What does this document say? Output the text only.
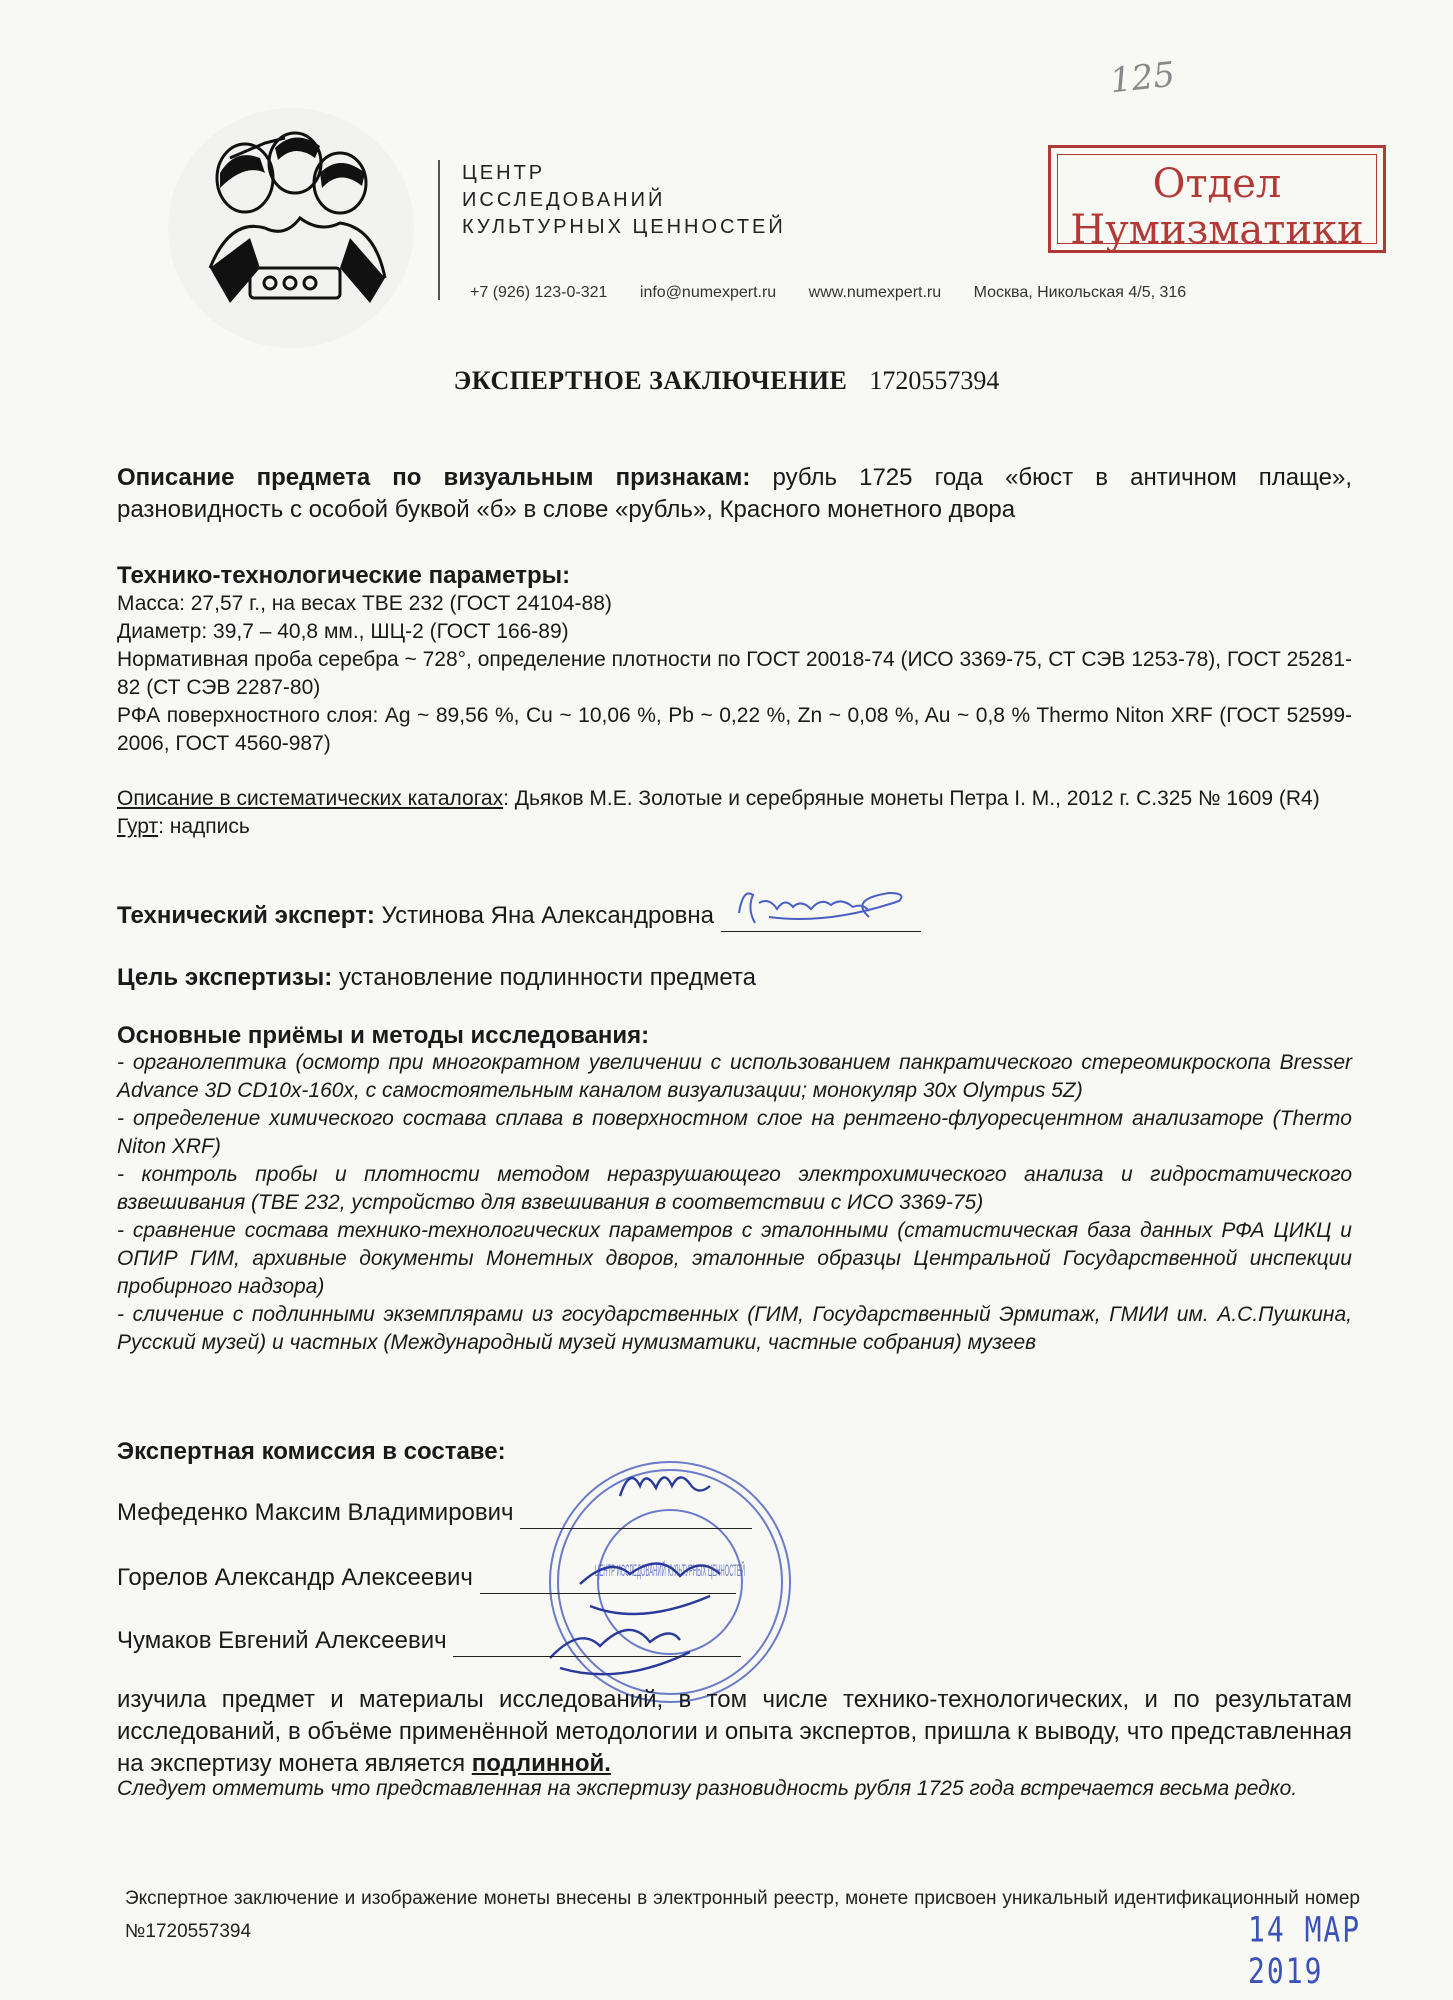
ЦЕНТР
ИССЛЕДОВАНИЙ
КУЛЬТУРНЫХ ЦЕННОСТЕЙ
+7 (926) 123-0-321 info@numexpert.ru www.numexpert.ru Москва, Никольская 4/5, 316
125
Отдел
Нумизматики
ЭКСПЕРТНОЕ ЗАКЛЮЧЕНИЕ 1720557394
Описание предмета по визуальным признакам: рубль 1725 года «бюст в античном плаще», разновидность с особой буквой «б» в слове «рубль», Красного монетного двора
Технико-технологические параметры:
Масса: 27,57 г., на весах ТВЕ 232 (ГОСТ 24104-88)
Диаметр: 39,7 – 40,8 мм., ШЦ-2 (ГОСТ 166-89)
Нормативная проба серебра ~ 728°, определение плотности по ГОСТ 20018-74 (ИСО 3369-75, СТ СЭВ 1253-78), ГОСТ 25281-82 (СТ СЭВ 2287-80)
РФА поверхностного слоя: Ag ~ 89,56 %, Cu ~ 10,06 %, Pb ~ 0,22 %, Zn ~ 0,08 %, Au ~ 0,8 % Thermo Niton XRF (ГОСТ 52599-2006, ГОСТ 4560-987)
Описание в систематических каталогах: Дьяков М.Е. Золотые и серебряные монеты Петра I. М., 2012 г. С.325 № 1609 (R4)
Гурт: надпись
Технический эксперт: Устинова Яна Александровна
Цель экспертизы: установление подлинности предмета
Основные приёмы и методы исследования:
- органолептика (осмотр при многократном увеличении с использованием панкратического стереомикроскопа Bresser Advance 3D CD10x-160x, с самостоятельным каналом визуализации; монокуляр 30х Olympus 5Z)
- определение химического состава сплава в поверхностном слое на рентгено-флуоресцентном анализаторе (Thermo Niton XRF)
- контроль пробы и плотности методом неразрушающего электрохимического анализа и гидростатического взвешивания (ТВЕ 232, устройство для взвешивания в соответствии с ИСО 3369-75)
- сравнение состава технико-технологических параметров с эталонными (статистическая база данных РФА ЦИКЦ и ОПИР ГИМ, архивные документы Монетных дворов, эталонные образцы Центральной Государственной инспекции пробирного надзора)
- сличение с подлинными экземплярами из государственных (ГИМ, Государственный Эрмитаж, ГМИИ им. А.С.Пушкина, Русский музей) и частных (Международный музей нумизматики, частные собрания) музеев
Экспертная комиссия в составе:
ЦЕНТР ИССЛЕДОВАНИЙ КУЛЬТУРНЫХ ЦЕННОСТЕЙ
Мефеденко Максим Владимирович
Горелов Александр Алексеевич
Чумаков Евгений Алексеевич
изучила предмет и материалы исследований, в том числе технико-технологических, и по результатам исследований, в объёме применённой методологии и опыта экспертов, пришла к выводу, что представленная на экспертизу монета является подлинной.
Следует отметить что представленная на экспертизу разновидность рубля 1725 года встречается весьма редко.
Экспертное заключение и изображение монеты внесены в электронный реестр, монете присвоен уникальный идентификационный номер №1720557394	14 MAP 2019
